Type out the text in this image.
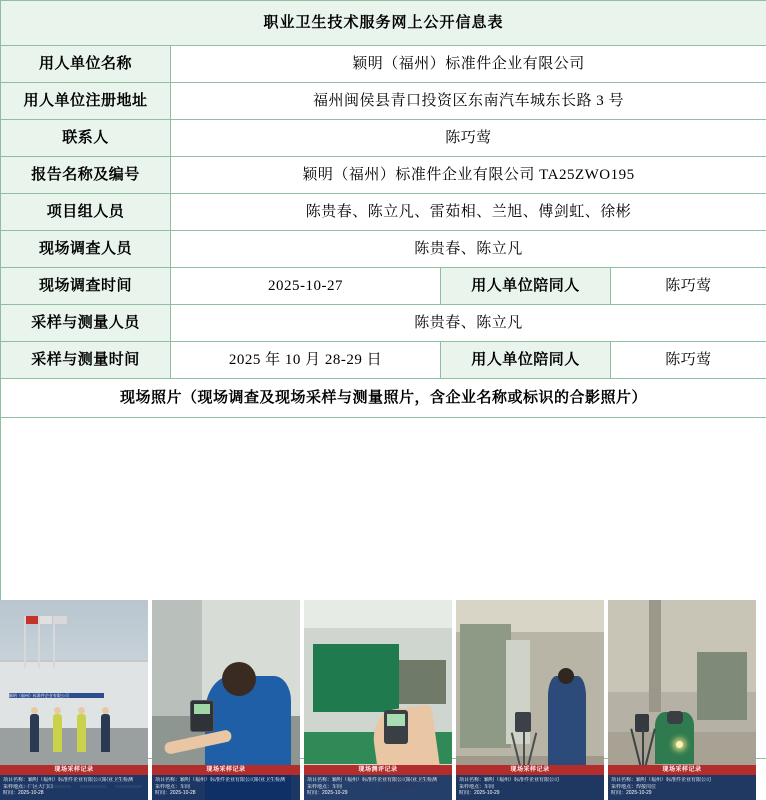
职业卫生技术服务网上公开信息表			
用人单位名称	颖明（福州）标准件企业有限公司		
用人单位注册地址	福州闽侯县青口投资区东南汽车城东长路 3 号		
联系人	陈巧莺		
报告名称及编号	颖明（福州）标准件企业有限公司 TA25ZWO195		
项目组人员	陈贵春、陈立凡、雷茹相、兰旭、傅剑虹、徐彬		
现场调查人员	陈贵春、陈立凡		
现场调查时间	2025-10-27	用人单位陪同人	陈巧莺
采样与测量人员	陈贵春、陈立凡		
采样与测量时间	2025 年 10 月 28-29 日	用人单位陪同人	陈巧莺
现场照片（现场调查及现场采样与测量照片，含企业名称或标识的合影照片）			

颖明（福州）标准件企业有限公司
现场采样记录
项目名称：颖明（福州）标准件企业有限公司职业卫生检测
采样地点：厂区大门口
时间：2025-10-28
现场采样记录
项目名称：颖明（福州）标准件企业有限公司职业卫生检测
采样地点：车间
时间：2025-10-28
现场测评记录
项目名称：颖明（福州）标准件企业有限公司职业卫生检测
采样地点：车间
时间：2025-10-29
现场采样记录
项目名称：颖明（福州）标准件企业有限公司
采样地点：车间
时间：2025-10-29
现场采样记录
项目名称：颖明（福州）标准件企业有限公司
采样地点：焊接岗位
时间：2025-10-29
